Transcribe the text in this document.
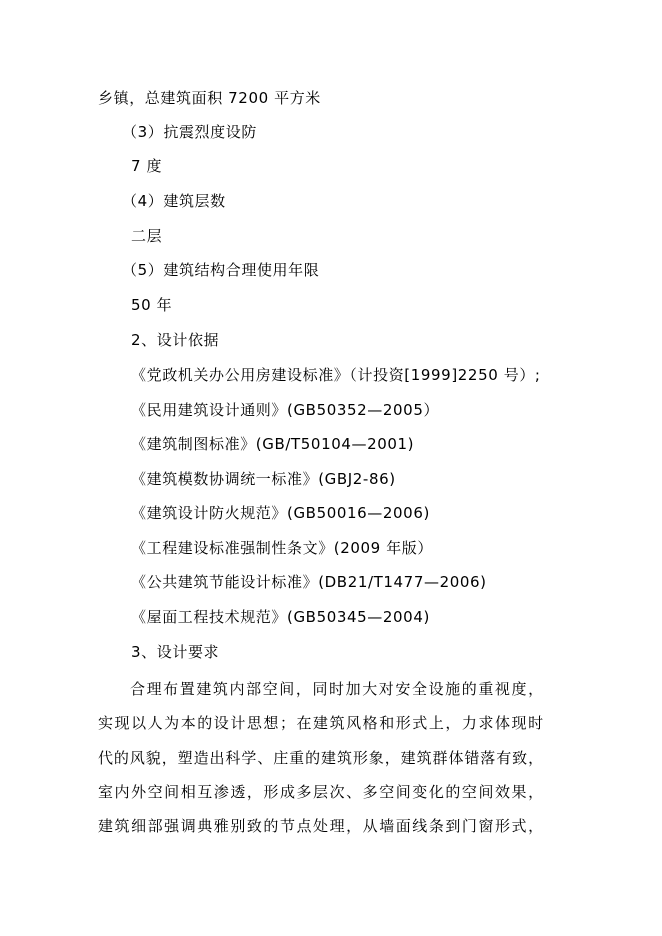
乡镇，总建筑面积 7200 平方米
（3）抗震烈度设防
7 度
（4）建筑层数
二层
（5）建筑结构合理使用年限
50 年
2、设计依据
《党政机关办公用房建设标准》（计投资[1999]2250 号）;
《民用建筑设计通则》(GB50352—2005）
《建筑制图标准》(GB/T50104—2001)
《建筑模数协调统一标准》(GBJ2-86)
《建筑设计防火规范》(GB50016—2006)
《工程建设标准强制性条文》(2009 年版）
《公共建筑节能设计标准》(DB21/T1477—2006)
《屋面工程技术规范》(GB50345—2004)
3、设计要求

合理布置建筑内部空间，同时加大对安全设施的重视度，

实现以人为本的设计思想；在建筑风格和形式上，力求体现时

代的风貌，塑造出科学、庄重的建筑形象，建筑群体错落有致，

室内外空间相互渗透，形成多层次、多空间变化的空间效果，

建筑细部强调典雅别致的节点处理，从墙面线条到门窗形式，
